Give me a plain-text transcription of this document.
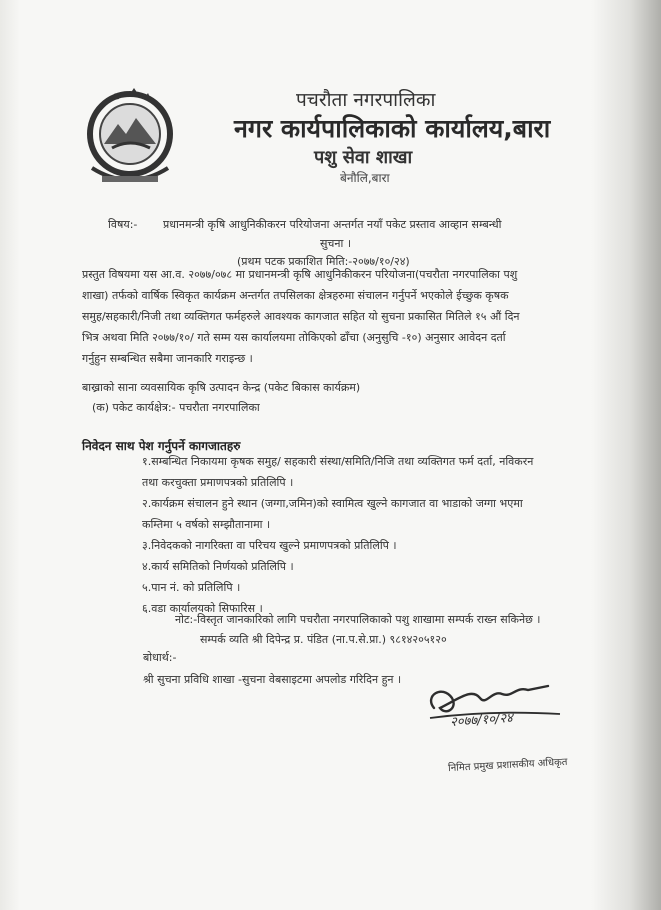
पचरौता नगरपालिका
नगर कार्यपालिकाको कार्यालय,बारा
पशु सेवा शाखा
बेनौलि,बारा
विषय:- प्रधानमन्त्री कृषि आधुनिकीकरन परियोजना अन्तर्गत नयाँ पकेट प्रस्ताव आव्हान सम्बन्धी
सुचना ।
(प्रथम पटक प्रकाशित मिति:-२०७७/१०/२४)
प्रस्तुत विषयमा यस आ.व. २०७७/०७८ मा प्रधानमन्त्री कृषि आधुनिकीकरन परियोजना(पचरौता नगरपालिका पशु
शाखा) तर्फको वार्षिक स्विकृत कार्यक्रम अन्तर्गत तपसिलका क्षेत्रहरुमा संचालन गर्नुपर्ने भएकोले ईच्छुक कृषक
समुह/सहकारी/निजी तथा व्यक्तिगत फर्महरुले आवश्यक कागजात सहित यो सुचना प्रकासित मितिले १५ औं दिन
भित्र अथवा मिति २०७७/१०/ गते सम्म यस कार्यालयमा तोकिएको ढाँचा (अनुसुचि -१०) अनुसार आवेदन दर्ता
गर्नुहुन सम्बन्धित सबैमा जानकारि गराइन्छ ।
बाख्राको साना व्यवसायिक कृषि उत्पादन केन्द्र (पकेट बिकास कार्यक्रम)
(क) पकेट कार्यक्षेत्र:- पचरौता नगरपालिका
निवेदन साथ पेश गर्नुपर्ने कागजातहरु
१.सम्बन्धित निकायमा कृषक समुह/ सहकारी संस्था/समिति/निजि तथा व्यक्तिगत फर्म दर्ता, नविकरन
तथा करचुक्ता प्रमाणपत्रको प्रतिलिपि ।
२.कार्यक्रम संचालन हुने स्थान (जग्गा,जमिन)को स्वामित्व खुल्ने कागजात वा भाडाको जग्गा भएमा
कम्तिमा ५ वर्षको सम्झौतानामा ।
३.निवेदकको नागरिक्ता वा परिचय खुल्ने प्रमाणपत्रको प्रतिलिपि ।
४.कार्य समितिको निर्णयको प्रतिलिपि ।
५.पान नं. को प्रतिलिपि ।
६.वडा कार्यालयको सिफारिस ।
नोट:-विस्तृत जानकारिको लागि पचरौता नगरपालिकाको पशु शाखामा सम्पर्क राख्न सकिनेछ ।
सम्पर्क व्यति श्री दिपेन्द्र प्र. पंडित (ना.प.से.प्रा.) ९८१४२०५१२०
बोधार्थ:-
श्री सुचना प्रविधि शाखा -सुचना वेबसाइटमा अपलोड गरिदिन हुन ।
२०७७/१०/२४
निमित प्रमुख प्रशासकीय अधिकृत
